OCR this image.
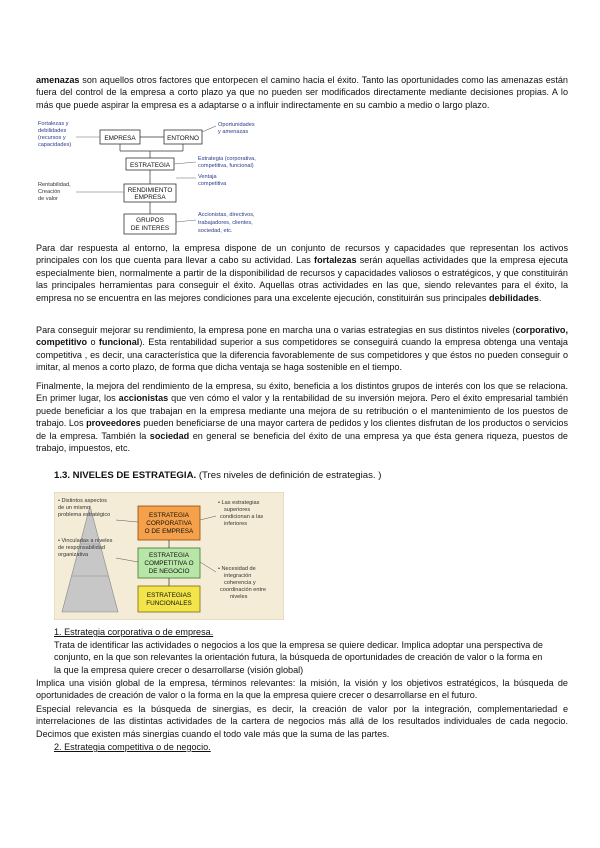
amenazas son aquellos otros factores que entorpecen el camino hacia el éxito. Tanto las oportunidades como las amenazas están fuera del control de la empresa a corto plazo ya que no pueden ser modificados directamente mediante decisiones propias. A lo más que puede aspirar la empresa es a adaptarse o a influir indirectamente en su cambio a medio o largo plazo.

EMPRESA	ENTORNO
ESTRATEGIA
RENDIMIENTO
EMPRESA
GRUPOS
DE INTERES
Fortalezas y
debilidades
(recursos y
capacidades)
Oportunidades
y amenazas
Estrategia (corporativa,
competitiva, funcional)
Ventaja
competitiva
Rentabilidad,
Creación
de valor
Accionistas, directivos,
trabajadores, clientes,
sociedad, etc.

Para dar respuesta al entorno, la empresa dispone de un conjunto de recursos y capacidades que representan los activos principales con los que cuenta para llevar a cabo su actividad. Las fortalezas serán aquellas actividades que la empresa ejecuta especialmente bien, normalmente a partir de la disponibilidad de recursos y capacidades valiosos o estratégicos, y que constituirán las principales herramientas para conseguir el éxito. Aquellas otras actividades en las que, siendo relevantes para el éxito, la empresa no se encuentra en las mejores condiciones para una excelente ejecución, constituirán sus principales debilidades.

Para conseguir mejorar su rendimiento, la empresa pone en marcha una o varias estrategias en sus distintos niveles (corporativo, competitivo o funcional). Esta rentabilidad superior a sus competidores se conseguirá cuando la empresa obtenga una ventaja competitiva , es decir, una característica que la diferencia favorablemente de sus competidores y que éstos no pueden conseguir o imitar, al menos a corto plazo, de forma que dicha ventaja se haga sostenible en el tiempo.

Finalmente, la mejora del rendimiento de la empresa, su éxito, beneficia a los distintos grupos de interés con los que se relaciona. En primer lugar, los accionistas que ven cómo el valor y la rentabilidad de su inversión mejora. Pero el éxito empresarial también puede beneficiar a los que trabajan en la empresa mediante una mejora de su retribución o el mantenimiento de los puestos de trabajo. Los proveedores pueden beneficiarse de una mayor cartera de pedidos y los clientes disfrutan de los productos o servicios de la empresa. También la sociedad en general se beneficia del éxito de una empresa ya que ésta genera riqueza, puestos de trabajo, impuestos, etc.

1.3. NIVELES DE ESTRATEGIA. (Tres niveles de definición de estrategias. )
ESTRATEGIA
CORPORATIVA
O DE EMPRESA
ESTRATEGIA
COMPETITIVA O
DE NEGOCIO
ESTRATEGIAS
FUNCIONALES
• Distintos aspectos
de un mismo
problema estratégico
• Vinculadas a niveles
de responsabilidad
organizativa
• Las estrategias
superiores
condicionan a las
inferiores
• Necesidad de
integración
coherencia y
coordinación entre
niveles
1. Estrategia corporativa o de empresa.

Trata de identificar las actividades o negocios a los que la empresa se quiere dedicar. Implica adoptar una perspectiva de conjunto, en la que son relevantes la orientación futura, la búsqueda de oportunidades de creación de valor o la forma en

la que la empresa quiere crecer o desarrollarse (visión global)

Implica una visión global de la empresa, términos relevantes: la misión, la visión y los objetivos estratégicos, la búsqueda de oportunidades de creación de valor o la forma en la que la empresa quiere crecer o desarrollarse en el futuro.

Especial relevancia es la búsqueda de sinergias, es decir, la creación de valor por la integración, complementariedad e interrelaciones de las distintas actividades de la cartera de negocios más allá de los resultados individuales de cada negocio. Decimos que existen más sinergias cuando el todo vale más que la suma de las partes.

2. Estrategia competitiva o de negocio.
